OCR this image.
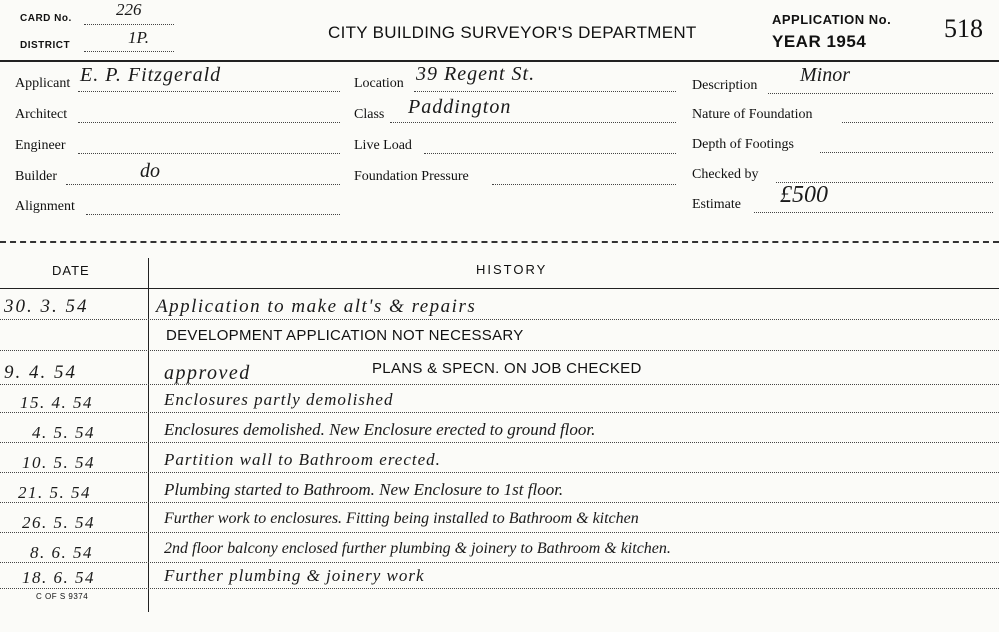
CARD No.	226
DISTRICT	1P.	CITY BUILDING SURVEYOR'S DEPARTMENT
APPLICATION No. 518
YEAR 1954
Applicant E. P. Fitzgerald
Architect
Engineer
Builder	do
Alignment
Location 39 Regent St.
Class Paddington
Live Load
Foundation Pressure
Description Minor
Nature of Foundation
Depth of Footings
Checked by
Estimate £500
DATE	HISTORY
30. 3. 54	Application to make alt's & repairs
DEVELOPMENT APPLICATION NOT NECESSARY
9. 4. 54	approved	PLANS & SPECN. ON JOB CHECKED
15. 4. 54	Enclosures partly demolished
4. 5. 54	Enclosures demolished. New Enclosure erected to ground floor.
10. 5. 54	Partition wall to Bathroom erected.
21. 5. 54	Plumbing started to Bathroom. New Enclosure to 1st floor.
26. 5. 54	Further work to enclosures. Fitting being installed to Bathroom & kitchen
8. 6. 54	2nd floor balcony enclosed further plumbing & joinery to Bathroom & kitchen.
18. 6. 54	Further plumbing & joinery work
C OF S 9374
